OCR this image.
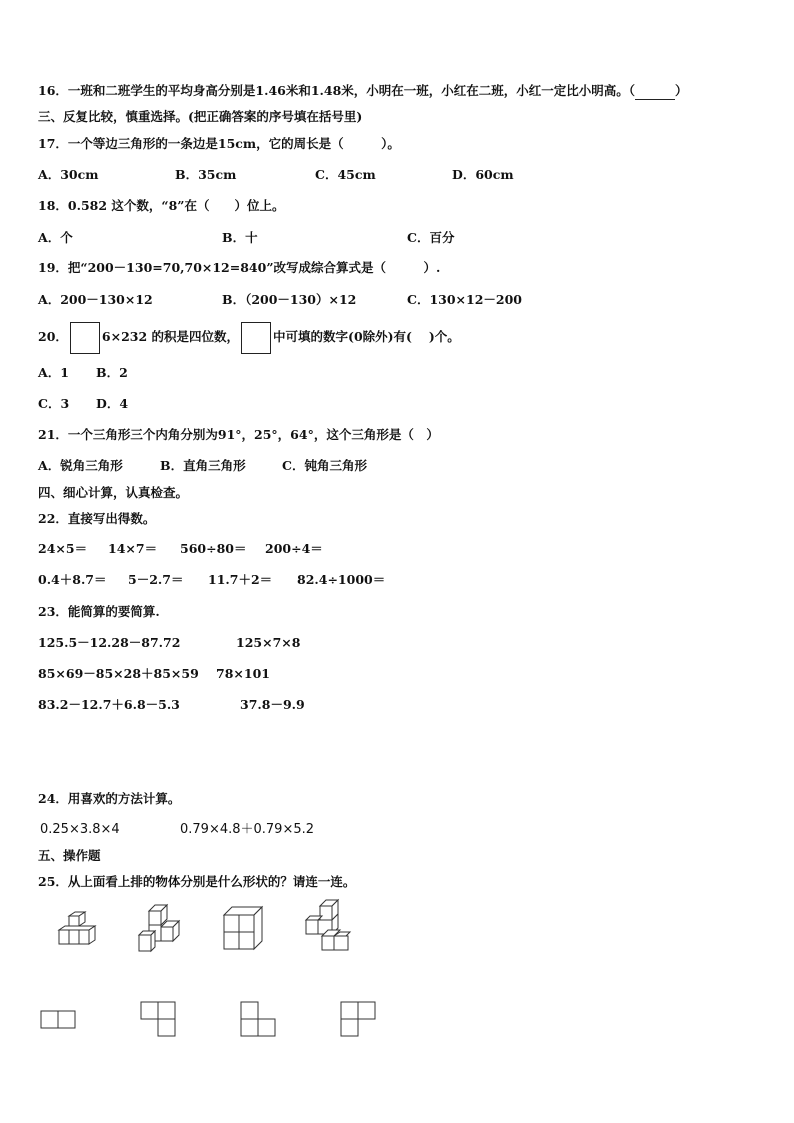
16．一班和二班学生的平均身高分别是1.46米和1.48米，小明在一班，小红在二班，小红一定比小明高。（	）
三、反复比较，慎重选择。(把正确答案的序号填在括号里)
17．一个等边三角形的一条边是15cm，它的周长是（　　　）。
A．30cm	B．35cm	C．45cm	D．60cm
18．0.582 这个数，“8”在（　　）位上。
A．个	B．十	C．百分
19．把“200－130=70,70×12=840”改写成综合算式是（　　　）.
A．200－130×12	B．（200－130）×12	C．130×12－200
20．	6×232 的积是四位数，	中可填的数字(0除外)有(　 )个。
A．1 B．2
C．3 D．4
21．一个三角形三个内角分别为91°，25°，64°，这个三角形是（　）
A．锐角三角形	B．直角三角形	C．钝角三角形
四、细心计算，认真检查。
22．直接写出得数。
24×5＝ 14×7＝ 560÷80＝ 200÷4＝
0.4＋8.7＝ 5－2.7＝ 11.7＋2＝ 82.4÷1000＝
23．能简算的要简算.
125.5－12.28－87.72	125×7×8
85×69－85×28＋85×59 78×101
83.2－12.7＋6.8－5.3	37.8－9.9
24．用喜欢的方法计算。
0.25×3.8×4	0.79×4.8＋0.79×5.2
五、操作题
25．从上面看上排的物体分别是什么形状的？请连一连。
